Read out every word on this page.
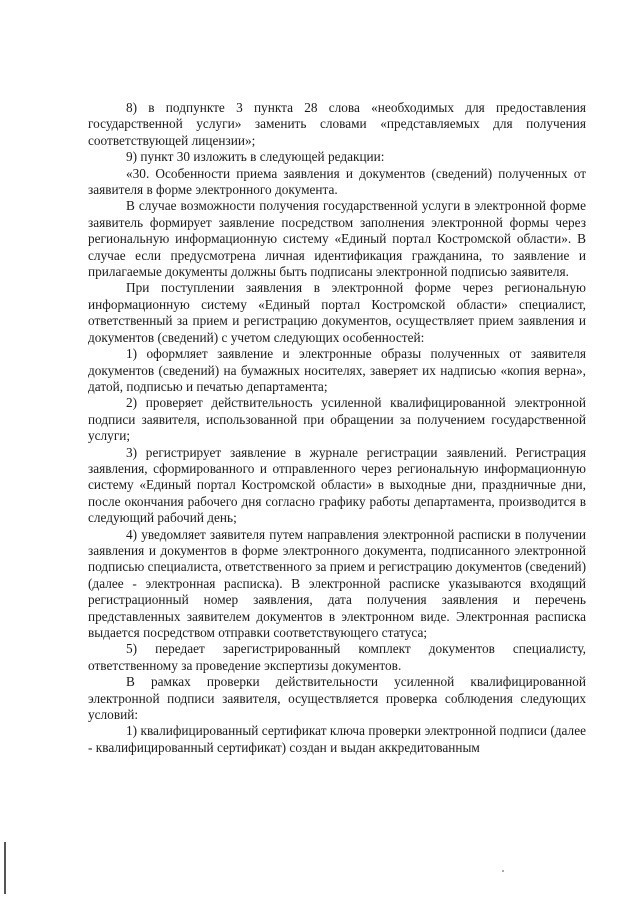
8) в подпункте 3 пункта 28 слова «необходимых для предоставления государственной услуги» заменить словами «представляемых для получения соответствующей лицензии»;

9) пункт 30 изложить в следующей редакции:

«30. Особенности приема заявления и документов (сведений) полученных от заявителя в форме электронного документа.

В случае возможности получения государственной услуги в электронной форме заявитель формирует заявление посредством заполнения электронной формы через региональную информационную систему «Единый портал Костромской области». В случае если предусмотрена личная идентификация гражданина, то заявление и прилагаемые документы должны быть подписаны электронной подписью заявителя.

При поступлении заявления в электронной форме через региональную информационную систему «Единый портал Костромской области» специалист, ответственный за прием и регистрацию документов, осуществляет прием заявления и документов (сведений) с учетом следующих особенностей:

1) оформляет заявление и электронные образы полученных от заявителя документов (сведений) на бумажных носителях, заверяет их надписью «копия верна», датой, подписью и печатью департамента;

2) проверяет действительность усиленной квалифицированной электронной подписи заявителя, использованной при обращении за получением государственной услуги;

3) регистрирует заявление в журнале регистрации заявлений. Регистрация заявления, сформированного и отправленного через региональную информационную систему «Единый портал Костромской области» в выходные дни, праздничные дни, после окончания рабочего дня согласно графику работы департамента, производится в следующий рабочий день;

4) уведомляет заявителя путем направления электронной расписки в получении заявления и документов в форме электронного документа, подписанного электронной подписью специалиста, ответственного за прием и регистрацию документов (сведений) (далее - электронная расписка). В электронной расписке указываются входящий регистрационный номер заявления, дата получения заявления и перечень представленных заявителем документов в электронном виде. Электронная расписка выдается посредством отправки соответствующего статуса;

5) передает зарегистрированный комплект документов специалисту, ответственному за проведение экспертизы документов.

В рамках проверки действительности усиленной квалифицированной электронной подписи заявителя, осуществляется проверка соблюдения следующих условий:

1) квалифицированный сертификат ключа проверки электронной подписи (далее - квалифицированный сертификат) создан и выдан аккредитованным
